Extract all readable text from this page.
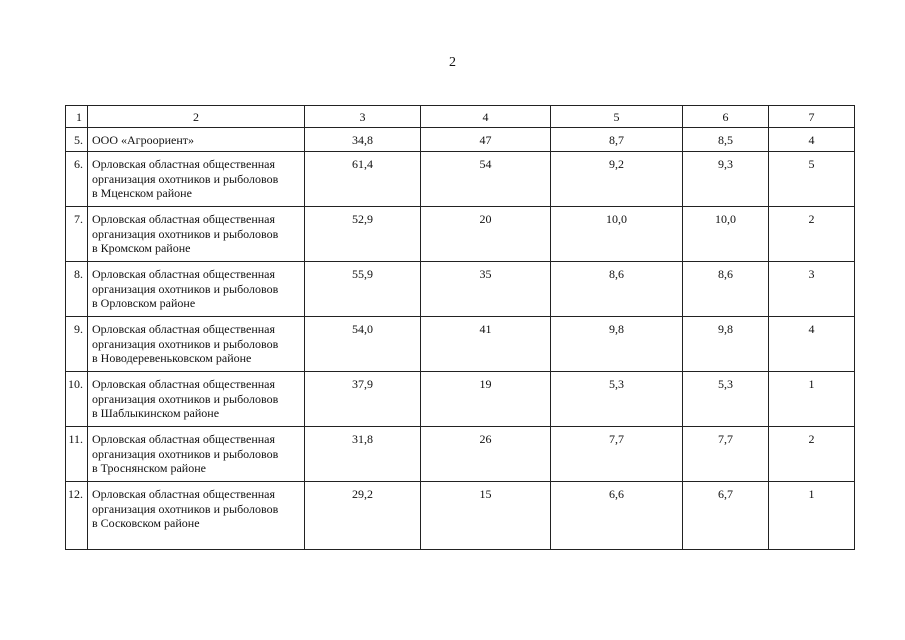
2
1	2	3	4	5	6	7
5.	ООО «Агроориент»	34,8	47	8,7	8,5	4
6.	Орловская областная общественная
организация охотников и рыболовов
в Мценском районе	61,4	54	9,2	9,3	5
7.	Орловская областная общественная
организация охотников и рыболовов
в Кромском районе	52,9	20	10,0	10,0	2
8.	Орловская областная общественная
организация охотников и рыболовов
в Орловском районе	55,9	35	8,6	8,6	3
9.	Орловская областная общественная
организация охотников и рыболовов
в Новодеревеньковском районе	54,0	41	9,8	9,8	4
10.	Орловская областная общественная
организация охотников и рыболовов
в Шаблыкинском районе	37,9	19	5,3	5,3	1
11.	Орловская областная общественная
организация охотников и рыболовов
в Троснянском районе	31,8	26	7,7	7,7	2
12.	Орловская областная общественная
организация охотников и рыболовов
в Сосковском районе	29,2	15	6,6	6,7	1
